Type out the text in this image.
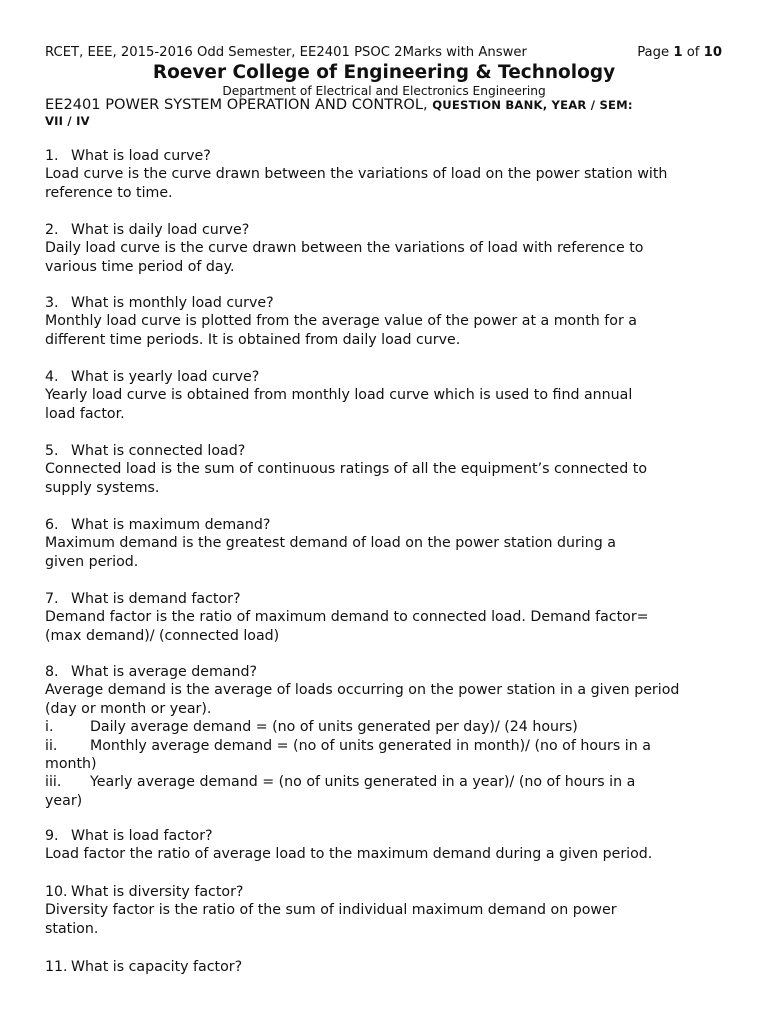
RCET, EEE, 2015-2016 Odd Semester, EE2401 PSOC 2Marks with Answer	Page 1 of 10
Roever College of Engineering & Technology
Department of Electrical and Electronics Engineering
EE2401 POWER SYSTEM OPERATION AND CONTROL, QUESTION BANK, YEAR / SEM:
VII / IV
1. What is load curve?
Load curve is the curve drawn between the variations of load on the power station with
reference to time.
2. What is daily load curve?
Daily load curve is the curve drawn between the variations of load with reference to
various time period of day.
3. What is monthly load curve?
Monthly load curve is plotted from the average value of the power at a month for a
different time periods. It is obtained from daily load curve.
4. What is yearly load curve?
Yearly load curve is obtained from monthly load curve which is used to find annual
load factor.
5. What is connected load?
Connected load is the sum of continuous ratings of all the equipment’s connected to
supply systems.
6. What is maximum demand?
Maximum demand is the greatest demand of load on the power station during a
given period.
7. What is demand factor?
Demand factor is the ratio of maximum demand to connected load. Demand factor=
(max demand)/ (connected load)
8. What is average demand?
Average demand is the average of loads occurring on the power station in a given period
(day or month or year).
i.	Daily average demand = (no of units generated per day)/ (24 hours)
ii. Monthly average demand = (no of units generated in month)/ (no of hours in a
month)
iii. Yearly average demand = (no of units generated in a year)/ (no of hours in a
year)
9. What is load factor?
Load factor the ratio of average load to the maximum demand during a given period.
10. What is diversity factor?
Diversity factor is the ratio of the sum of individual maximum demand on power
station.
11. What is capacity factor?
